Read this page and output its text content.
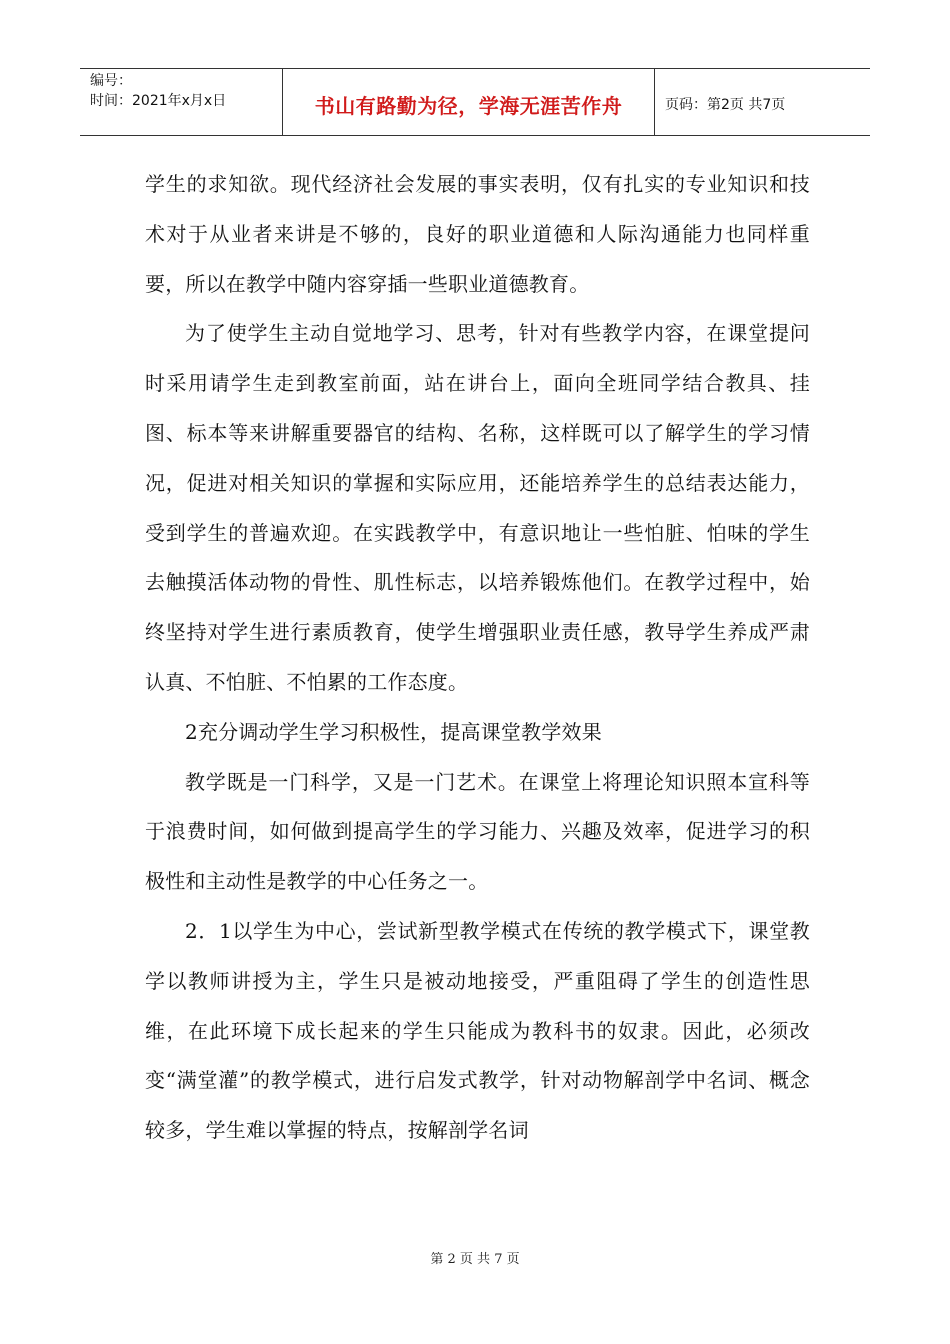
编号：
时间：2021年x月x日	书山有路勤为径，学海无涯苦作舟	页码：第2页 共7页

学生的求知欲。现代经济社会发展的事实表明，仅有扎实的专业知识和技术对于从业者来讲是不够的，良好的职业道德和人际沟通能力也同样重要，所以在教学中随内容穿插一些职业道德教育。

为了使学生主动自觉地学习、思考，针对有些教学内容，在课堂提问时采用请学生走到教室前面，站在讲台上，面向全班同学结合教具、挂图、标本等来讲解重要器官的结构、名称，这样既可以了解学生的学习情况，促进对相关知识的掌握和实际应用，还能培养学生的总结表达能力，受到学生的普遍欢迎。在实践教学中，有意识地让一些怕脏、怕味的学生去触摸活体动物的骨性、肌性标志，以培养锻炼他们。在教学过程中，始终坚持对学生进行素质教育，使学生增强职业责任感，教导学生养成严肃认真、不怕脏、不怕累的工作态度。

2充分调动学生学习积极性，提高课堂教学效果

教学既是一门科学，又是一门艺术。在课堂上将理论知识照本宣科等于浪费时间，如何做到提高学生的学习能力、兴趣及效率，促进学习的积极性和主动性是教学的中心任务之一。

2．1以学生为中心，尝试新型教学模式在传统的教学模式下，课堂教学以教师讲授为主，学生只是被动地接受，严重阻碍了学生的创造性思维，在此环境下成长起来的学生只能成为教科书的奴隶。因此，必须改变“满堂灌”的教学模式，进行启发式教学，针对动物解剖学中名词、概念较多，学生难以掌握的特点，按解剖学名词

第 2 页 共 7 页
